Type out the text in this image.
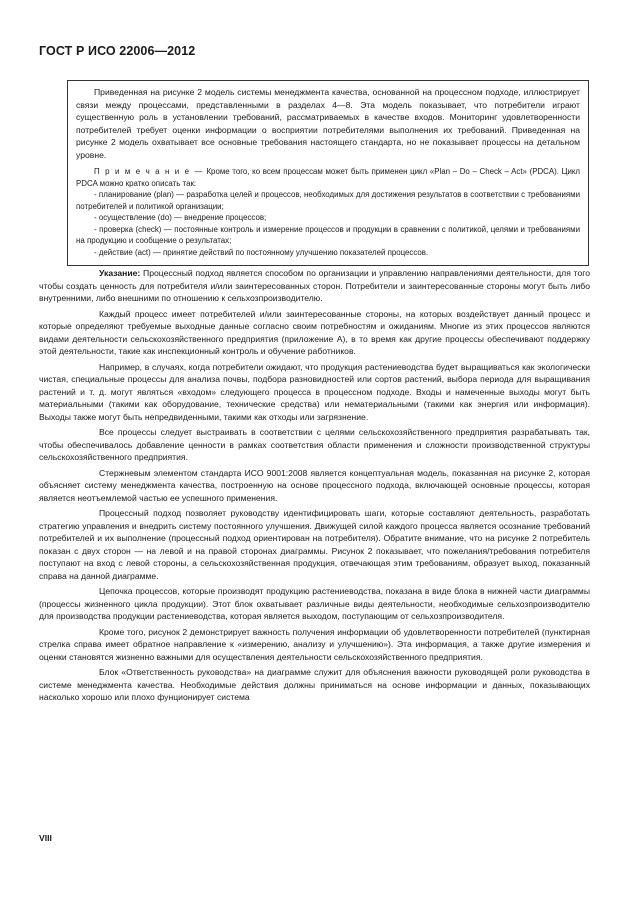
ГОСТ Р ИСО 22006—2012

Приведенная на рисунке 2 модель системы менеджмента качества, основанной на процессном подходе, иллюстрирует связи между процессами, представленными в разделах 4—8. Эта модель показывает, что потребители играют существенную роль в установлении требований, рассматриваемых в качестве входов. Мониторинг удовлетворенности потребителей требует оценки информации о восприятии потребителями выполнения их требований. Приведенная на рисунке 2 модель охватывает все основные требования настоящего стандарта, но не показывает процессы на детальном уровне.

П р и м е ч а н и е — Кроме того, ко всем процессам может быть применен цикл «Plan – Do – Check – Act» (PDCA). Цикл PDCA можно кратко описать так:

- планирование (plan) — разработка целей и процессов, необходимых для достижения результатов в соответствии с требованиями потребителей и политикой организации;

- осуществление (do) — внедрение процессов;

- проверка (check) — постоянные контроль и измерение процессов и продукции в сравнении с политикой, целями и требованиями на продукцию и сообщение о результатах;

- действие (act) — принятие действий по постоянному улучшению показателей процессов.

Указание: Процессный подход является способом по организации и управлению направлениями деятельности, для того чтобы создать ценность для потребителя и/или заинтересованных сторон. Потребители и заинтересованные стороны могут быть либо внутренними, либо внешними по отношению к сельхозпроизводителю.

Каждый процесс имеет потребителей и/или заинтересованные стороны, на которых воздействует данный процесс и которые определяют требуемые выходные данные согласно своим потребностям и ожиданиям. Многие из этих процессов являются видами деятельности сельскохозяйственного предприятия (приложение А), в то время как другие процессы обеспечивают поддержку этой деятельности, такие как инспекционный контроль и обучение работников.

Например, в случаях, когда потребители ожидают, что продукция растениеводства будет выращиваться как экологически чистая, специальные процессы для анализа почвы, подбора разновидностей или сортов растений, выбора периода для выращивания растений и т. д. могут являться «входом» следующего процесса в процессном подходе. Входы и намеченные выходы могут быть материальными (такими как оборудование, технические средства) или нематериальными (такими как энергия или информация). Выходы также могут быть непредвиденными, такими как отходы или загрязнение.

Все процессы следует выстраивать в соответствии с целями сельскохозяйственного предприятия разрабатывать так, чтобы обеспечивалось добавление ценности в рамках соответствия области применения и сложности производственной структуры сельскохозяйственного предприятия.

Стержневым элементом стандарта ИСО 9001:2008 является концептуальная модель, показанная на рисунке 2, которая объясняет систему менеджмента качества, построенную на основе процессного подхода, включающей основные процессы, которая является неотъемлемой частью ее успешного применения.

Процессный подход позволяет руководству идентифицировать шаги, которые составляют деятельность, разработать стратегию управления и внедрить систему постоянного улучшения. Движущей силой каждого процесса является осознание требований потребителей и их выполнение (процессный подход ориентирован на потребителя). Обратите внимание, что на рисунке 2 потребитель показан с двух сторон — на левой и на правой сторонах диаграммы. Рисунок 2 показывает, что пожелания/требования потребителя поступают на вход с левой стороны, а сельскохозяйственная продукция, отвечающая этим требованиям, образует выход, показанный справа на данной диаграмме.

Цепочка процессов, которые производят продукцию растениеводства, показана в виде блока в нижней части диаграммы (процессы жизненного цикла продукции). Этот блок охватывает различные виды деятельности, необходимые сельхозпроизводителю для производства продукции растениеводства, которая является выходом, поступающим от сельхозпроизводителя.

Кроме того, рисунок 2 демонстрирует важность получения информации об удовлетворенности потребителей (пунктирная стрелка справа имеет обратное направление к «измерению, анализу и улучшению»). Эта информация, а также другие измерения и оценки становятся жизненно важными для осуществления деятельности сельскохозяйственного предприятия.

Блок «Ответственность руководства» на диаграмме служит для объяснения важности руководящей роли руководства в системе менеджмента качества. Необходимые действия должны приниматься на основе информации и данных, показывающих насколько хорошо или плохо фунционирует система

VIII
